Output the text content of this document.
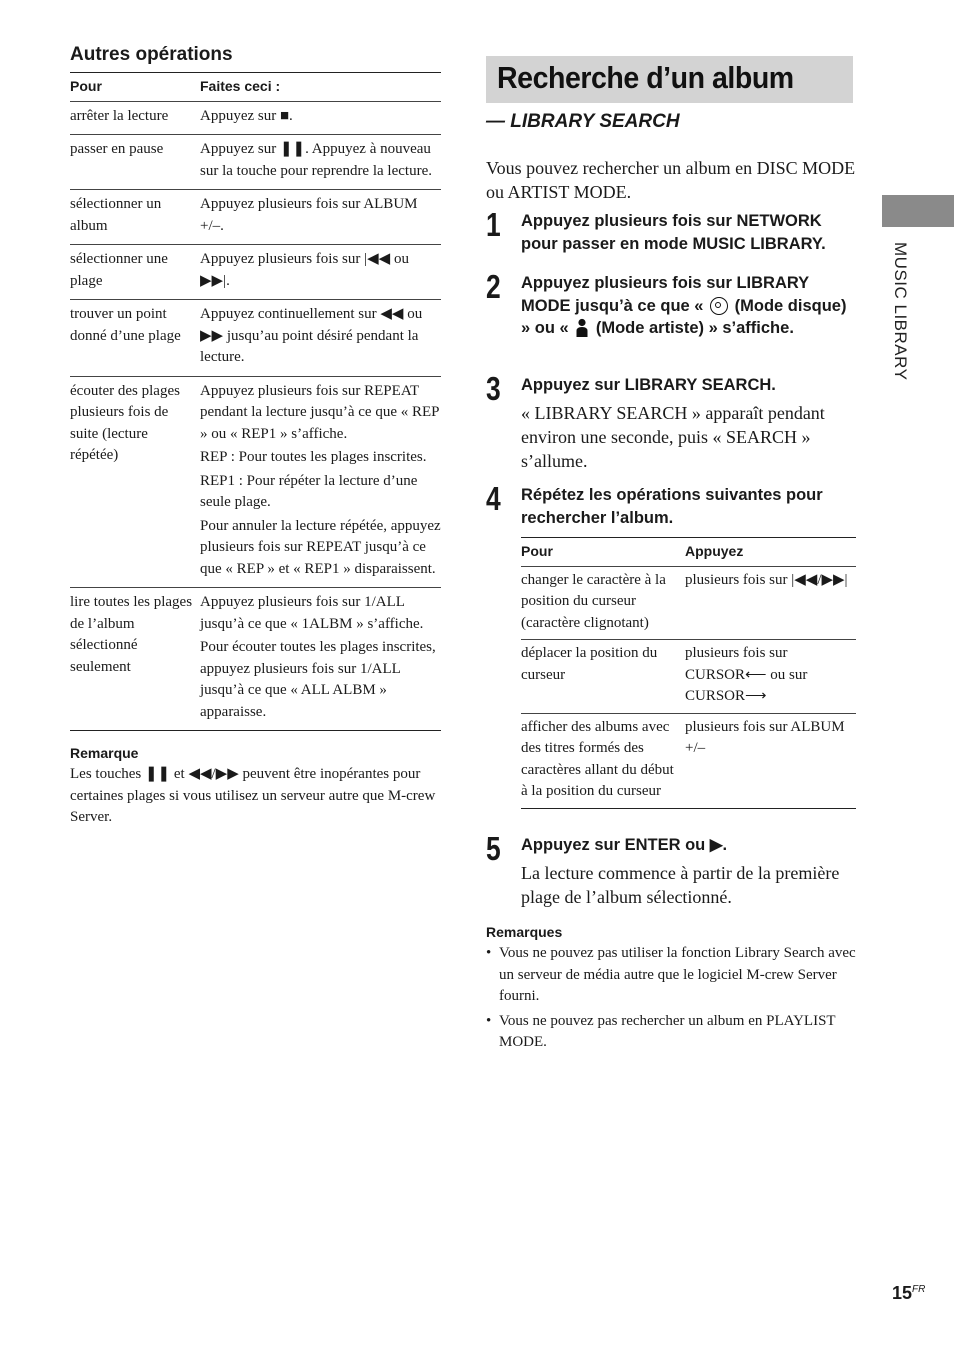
Autres opérations
Pour	Faites ceci :
arrêter la lecture	Appuyez sur ■.

passer en pause	Appuyez sur ❚❚. Appuyez à nouveau sur la touche pour reprendre la lecture.

sélectionner un album	Appuyez plusieurs fois sur ALBUM +/–.

sélectionner une plage	Appuyez plusieurs fois sur |◀◀ ou ▶▶|.

trouver un point donné d’une plage	Appuyez continuellement sur ◀◀ ou ▶▶ jusqu’au point désiré pendant la lecture.

écouter des plages plusieurs fois de suite (lecture répétée)	Appuyez plusieurs fois sur REPEAT pendant la lecture jusqu’à ce que « REP » ou « REP1 » s’affiche.

REP : Pour toutes les plages inscrites.

REP1 : Pour répéter la lecture d’une seule plage.

Pour annuler la lecture répétée, appuyez plusieurs fois sur REPEAT jusqu’à ce que « REP » et « REP1 » disparaissent.

lire toutes les plages de l’album sélectionné seulement	Appuyez plusieurs fois sur 1/ALL jusqu’à ce que « 1ALBM » s’affiche.

Pour écouter toutes les plages inscrites, appuyez plusieurs fois sur 1/ALL jusqu’à ce que « ALL ALBM » apparaisse.

Remarque

Les touches ❚❚ et ◀◀/▶▶ peuvent être inopérantes pour certaines plages si vous utilisez un serveur autre que M-crew Server.

Recherche d’un album
— LIBRARY SEARCH

Vous pouvez rechercher un album en DISC MODE ou ARTIST MODE.

1 Appuyez plusieurs fois sur NETWORK pour passer en mode MUSIC LIBRARY.
2 Appuyez plusieurs fois sur LIBRARY MODE jusqu’à ce que «  (Mode disque) » ou «  (Mode artiste) » s’affiche.
3 Appuyez sur LIBRARY SEARCH.
« LIBRARY SEARCH » apparaît pendant environ une seconde, puis « SEARCH » s’allume.
4 Répétez les opérations suivantes pour rechercher l’album.
Pour	Appuyez
changer le caractère à la position du curseur (caractère clignotant)	plusieurs fois sur |◀◀/▶▶|
déplacer la position du curseur	plusieurs fois sur CURSOR⟵ ou sur CURSOR⟶
afficher des albums avec des titres formés des caractères allant du début à la position du curseur	plusieurs fois sur ALBUM +/–
5 Appuyez sur ENTER ou ▶.
La lecture commence à partir de la première plage de l’album sélectionné.
Remarques
• Vous ne pouvez pas utiliser la fonction Library Search avec un serveur de média autre que le logiciel M-crew Server fourni.
• Vous ne pouvez pas rechercher un album en PLAYLIST MODE.
MUSIC LIBRARY
$15^{FR}$
